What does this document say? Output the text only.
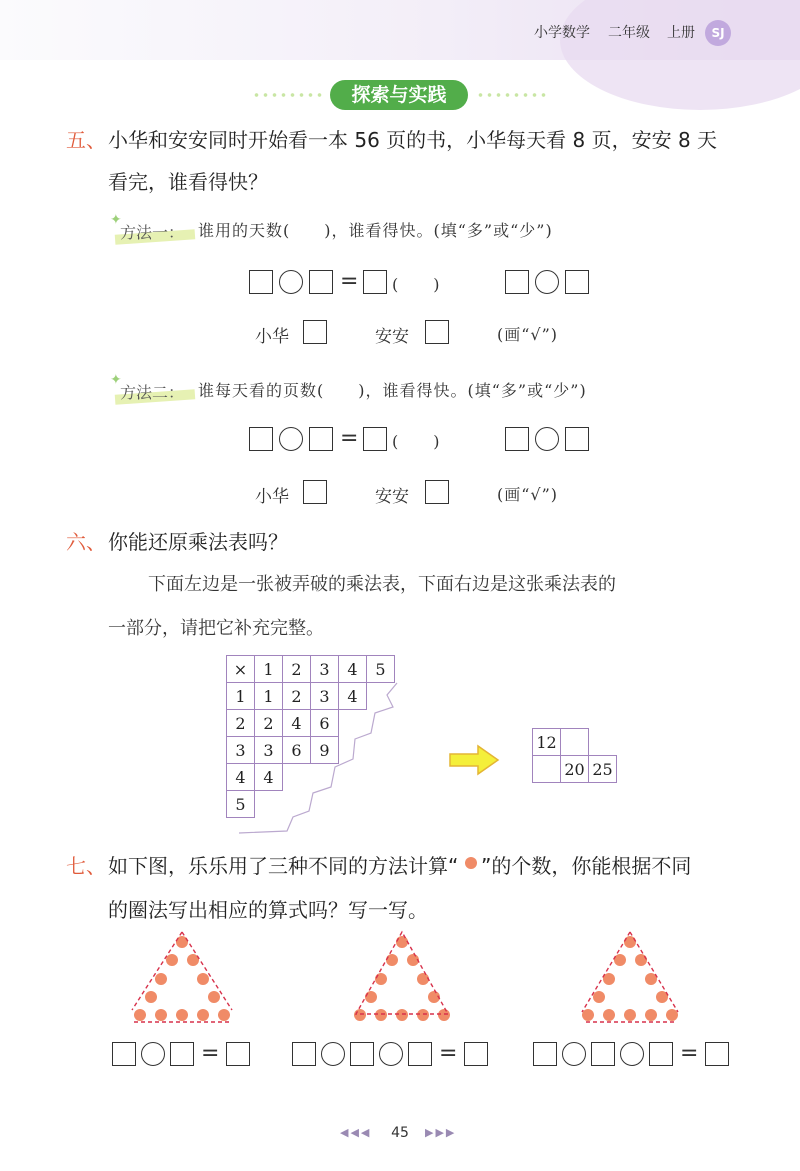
小学数学 二年级 上册	SJ
探索与实践
五、 小华和安安同时开始看一本 56 页的书，小华每天看 8 页，安安 8 天
看完，谁看得快？
✦
方法一： 谁用的天数(　　)，谁看得快。(填“多”或“少”)
= (　　)
小华	安安	(画“√”)
✦
方法二： 谁每天看的页数(　　)，谁看得快。(填“多”或“少”)
= (　　)
小华	安安	(画“√”)
六、 你能还原乘法表吗？
下面左边是一张被弄破的乘法表，下面右边是这张乘法表的
一部分，请把它补充完整。
×	1	2	3	4	5
1	1	2	3	4	
2	2	4	6		
3	3	6	9		
4	4				
5					
12		
	20	25
七、 如下图，乐乐用了三种不同的方法计算“ ”的个数，你能根据不同
的圈法写出相应的算式吗？写一写。
=	=	=
◀◀◀	45	▶▶▶
